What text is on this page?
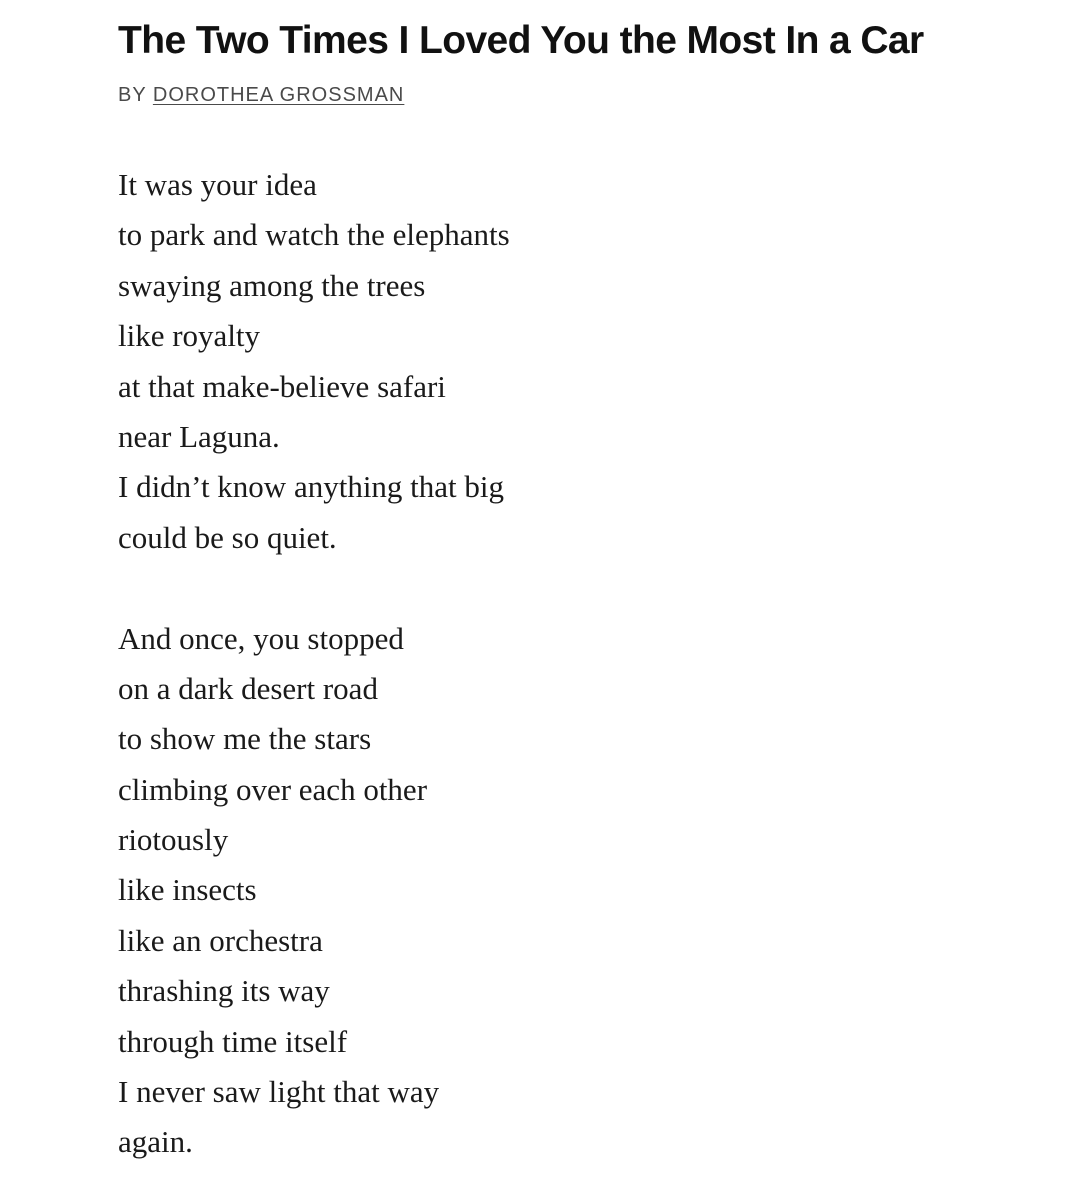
The Two Times I Loved You the Most In a Car
BY DOROTHEA GROSSMAN
It was your idea
to park and watch the elephants
swaying among the trees
like royalty
at that make-believe safari
near Laguna.
I didn’t know anything that big
could be so quiet.
And once, you stopped
on a dark desert road
to show me the stars
climbing over each other
riotously
like insects
like an orchestra
thrashing its way
through time itself
I never saw light that way
again.
